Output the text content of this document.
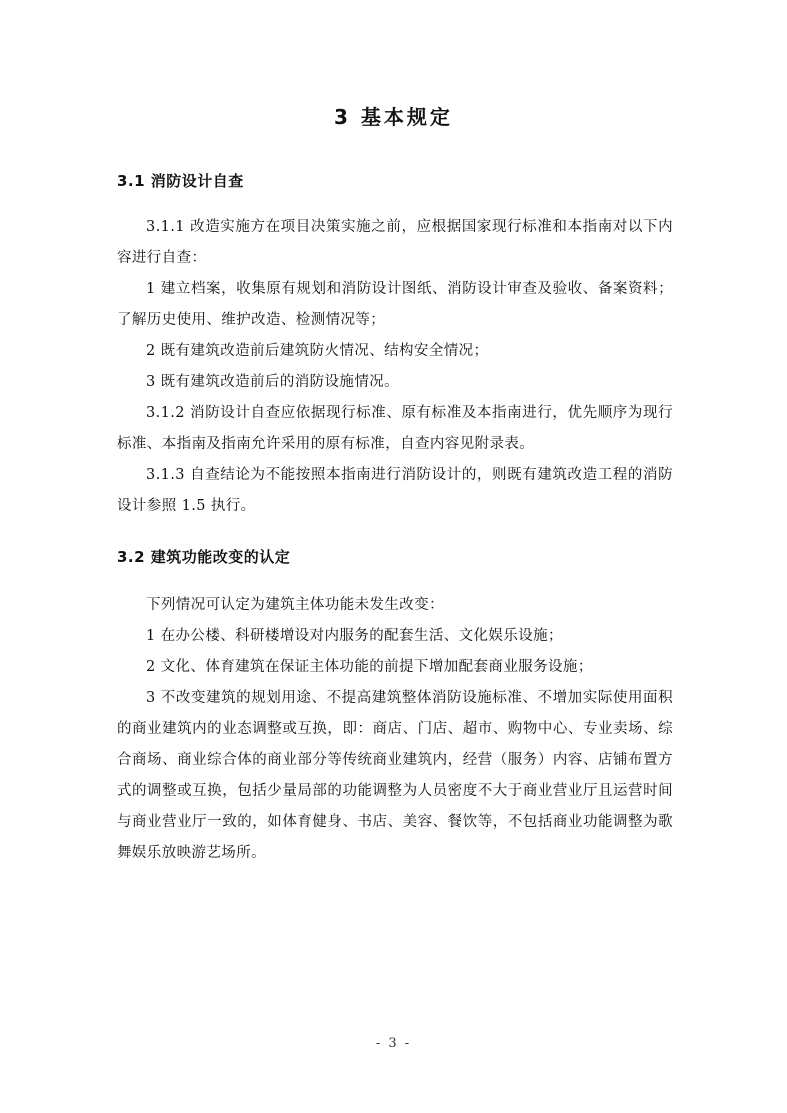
3 基本规定
3.1 消防设计自查

3.1.1 改造实施方在项目决策实施之前，应根据国家现行标准和本指南对以下内容进行自查：

1 建立档案，收集原有规划和消防设计图纸、消防设计审查及验收、备案资料；了解历史使用、维护改造、检测情况等；

2 既有建筑改造前后建筑防火情况、结构安全情况；

3 既有建筑改造前后的消防设施情况。

3.1.2 消防设计自查应依据现行标准、原有标准及本指南进行，优先顺序为现行标准、本指南及指南允许采用的原有标准，自查内容见附录表。

3.1.3 自查结论为不能按照本指南进行消防设计的，则既有建筑改造工程的消防设计参照 1.5 执行。

3.2 建筑功能改变的认定

下列情况可认定为建筑主体功能未发生改变：

1 在办公楼、科研楼增设对内服务的配套生活、文化娱乐设施；

2 文化、体育建筑在保证主体功能的前提下增加配套商业服务设施；

3 不改变建筑的规划用途、不提高建筑整体消防设施标准、不增加实际使用面积的商业建筑内的业态调整或互换，即：商店、门店、超市、购物中心、专业卖场、综合商场、商业综合体的商业部分等传统商业建筑内，经营（服务）内容、店铺布置方式的调整或互换，包括少量局部的功能调整为人员密度不大于商业营业厅且运营时间与商业营业厅一致的，如体育健身、书店、美容、餐饮等，不包括商业功能调整为歌舞娱乐放映游艺场所。

- 3 -
